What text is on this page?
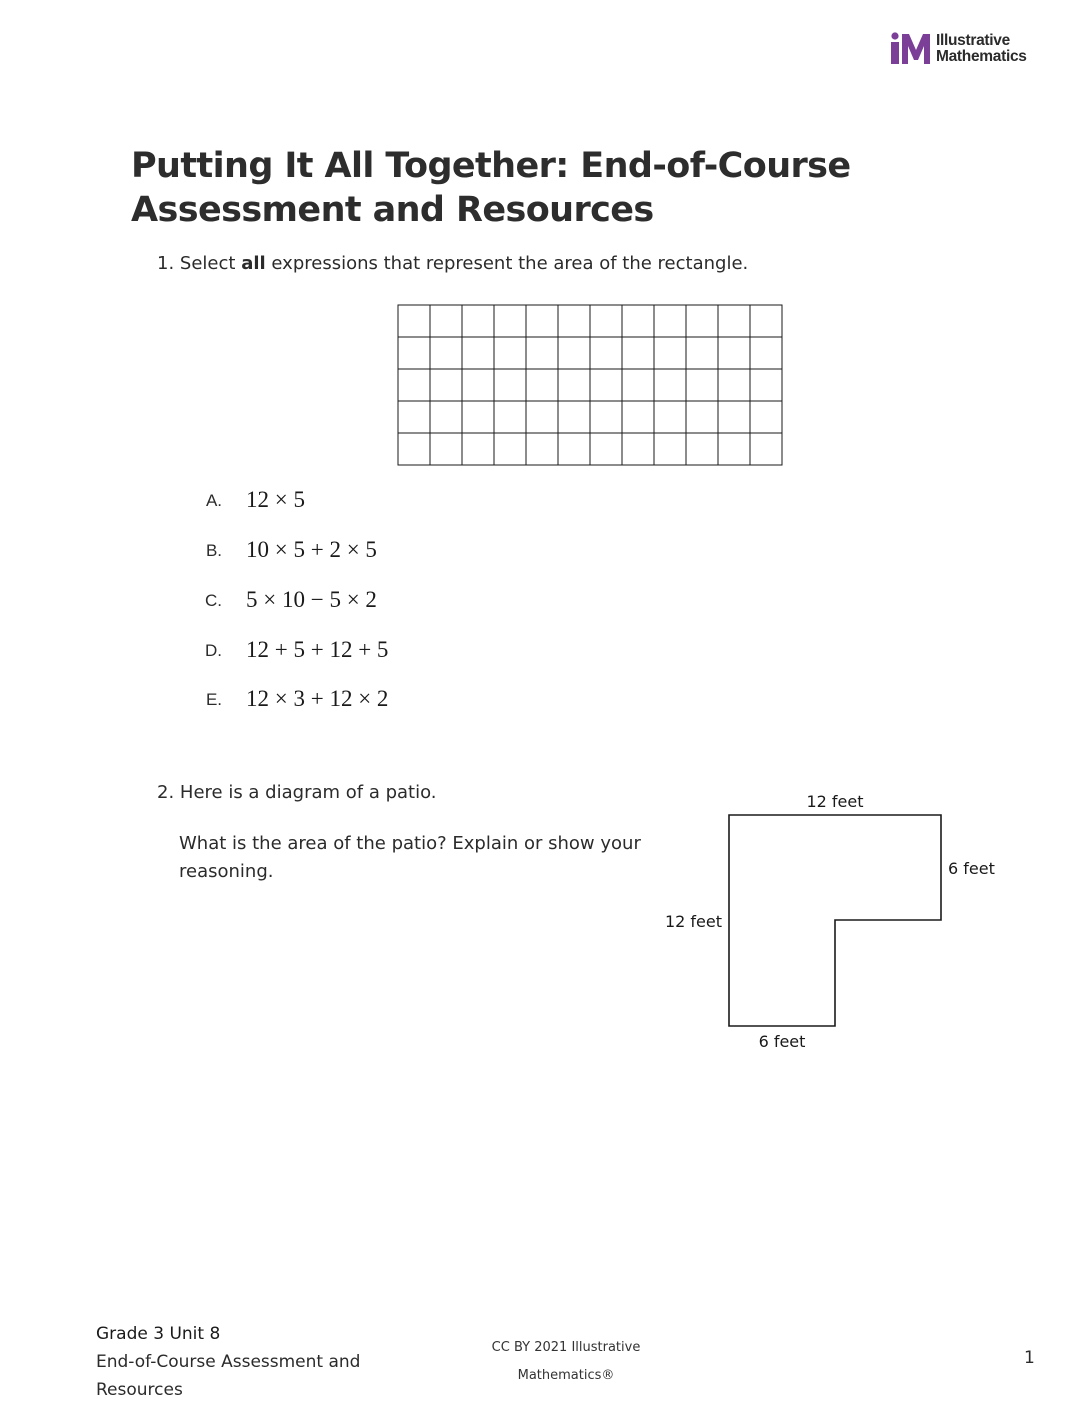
Illustrative
Mathematics
Putting It All Together: End-of-Course
Assessment and Resources
1. Select all expressions that represent the area of the rectangle.
A. 12 × 5
B. 10 × 5 + 2 × 5
C. 5 × 10 − 5 × 2
D. 12 + 5 + 12 + 5
E. 12 × 3 + 12 × 2
2. Here is a diagram of a patio.
What is the area of the patio? Explain or show your reasoning.
12 feet
6 feet
12 feet
6 feet
Grade 3 Unit 8
End-of-Course Assessment and
Resources
CC BY 2021 Illustrative
Mathematics®
1
